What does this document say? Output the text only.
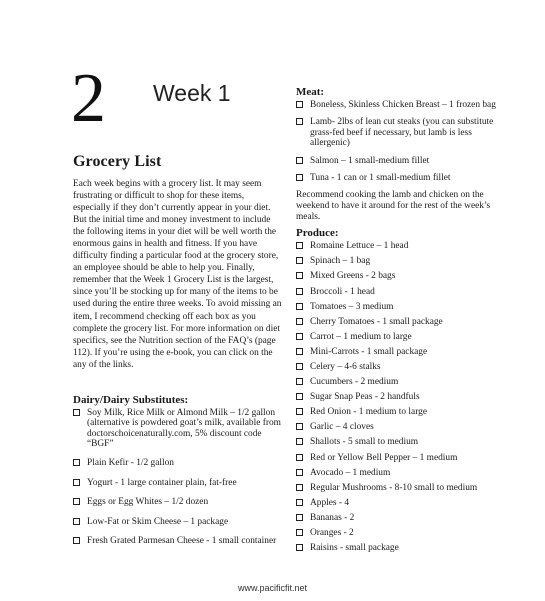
2 Week 1
Grocery List

Each week begins with a grocery list. It may seem frustrating or difficult to shop for these items, especially if they don’t currently appear in your diet. But the initial time and money investment to include the following items in your diet will be well worth the enormous gains in health and fitness. If you have difficulty finding a particular food at the grocery store, an employee should be able to help you. Finally, remember that the Week 1 Grocery List is the largest, since you’ll be stocking up for many of the items to be used during the entire three weeks. To avoid missing an item, I recommend checking off each box as you complete the grocery list. For more information on diet specifics, see the Nutrition section of the FAQ’s (page 112). If you’re using the e-book, you can click on the any of the links.

Dairy/Dairy Substitutes:
Soy Milk, Rice Milk or Almond Milk – 1/2 gallon (alternative is powdered goat’s milk, available from doctorschoicenaturally.com, 5% discount code “BGF”
Plain Kefir - 1/2 gallon
Yogurt - 1 large container plain, fat-free
Eggs or Egg Whites – 1/2 dozen
Low-Fat or Skim Cheese – 1 package
Fresh Grated Parmesan Cheese - 1 small container
Meat:
Boneless, Skinless Chicken Breast – 1 frozen bag
Lamb- 2lbs of lean cut steaks (you can substitute grass-fed beef if necessary, but lamb is less allergenic)
Salmon – 1 small-medium fillet
Tuna - 1 can or 1 small-medium fillet

Recommend cooking the lamb and chicken on the weekend to have it around for the rest of the week’s meals.

Produce:
Romaine Lettuce – 1 head
Spinach – 1 bag
Mixed Greens - 2 bags
Broccoli - 1 head
Tomatoes – 3 medium
Cherry Tomatoes - 1 small package
Carrot – 1 medium to large
Mini-Carrots - 1 small package
Celery – 4-6 stalks
Cucumbers - 2 medium
Sugar Snap Peas - 2 handfuls
Red Onion - 1 medium to large
Garlic – 4 cloves
Shallots - 5 small to medium
Red or Yellow Bell Pepper – 1 medium
Avocado – 1 medium
Regular Mushrooms - 8-10 small to medium
Apples - 4
Bananas - 2
Oranges - 2
Raisins - small package
www.pacificfit.net
